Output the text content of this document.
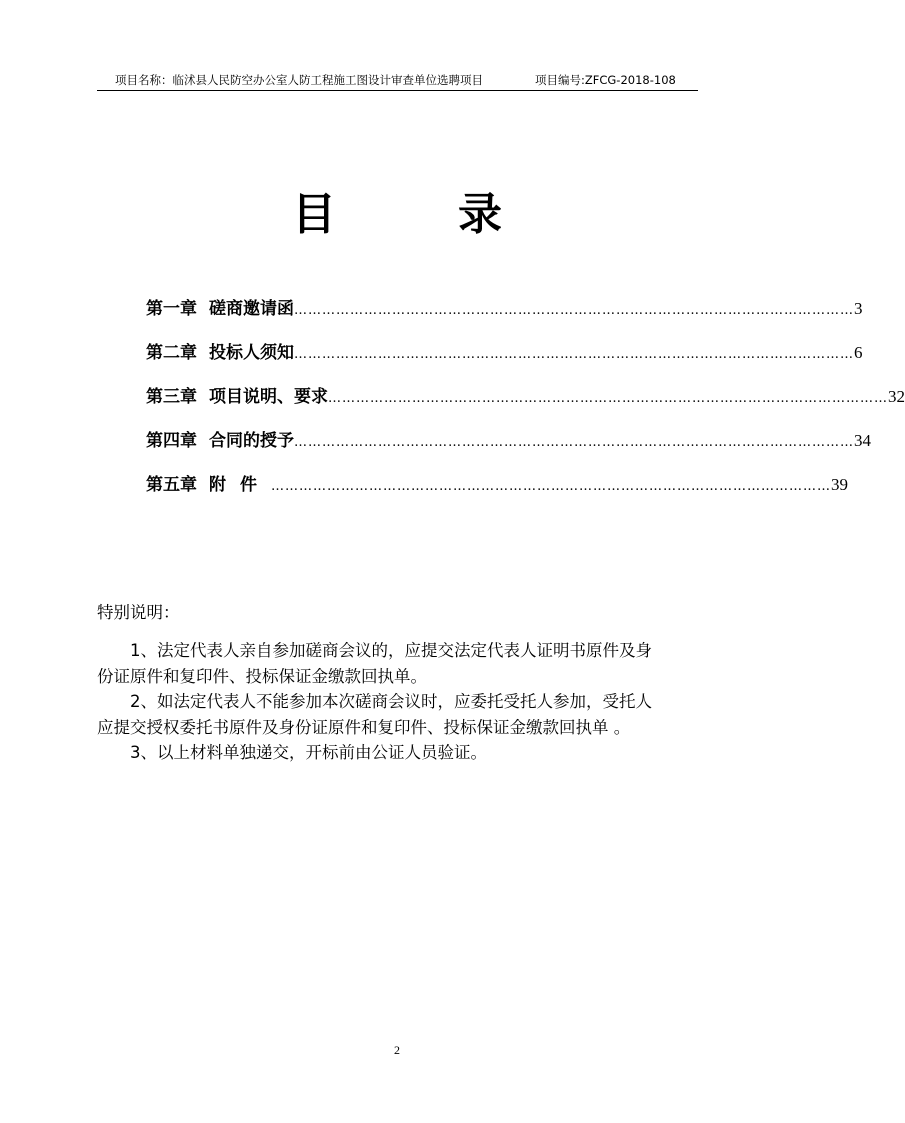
项目名称：临沭县人民防空办公室人防工程施工图设计审查单位选聘项目	项目编号:ZFCG-2018-108
目	录
第一章 磋商邀请函 ………………………………………………………………………………………………………… 3
第二章 投标人须知 ………………………………………………………………………………………………………… 6
第三章 项目说明、要求 ………………………………………………………………………………………………………… 32
第四章 合同的授予 ………………………………………………………………………………………………………… 34
第五章 附件 ………………………………………………………………………………………………………… 39
特别说明：

1、法定代表人亲自参加磋商会议的，应提交法定代表人证明书原件及身份证原件和复印件、投标保证金缴款回执单。

2、如法定代表人不能参加本次磋商会议时，应委托受托人参加，受托人应提交授权委托书原件及身份证原件和复印件、投标保证金缴款回执单 。

3、以上材料单独递交，开标前由公证人员验证。

2
